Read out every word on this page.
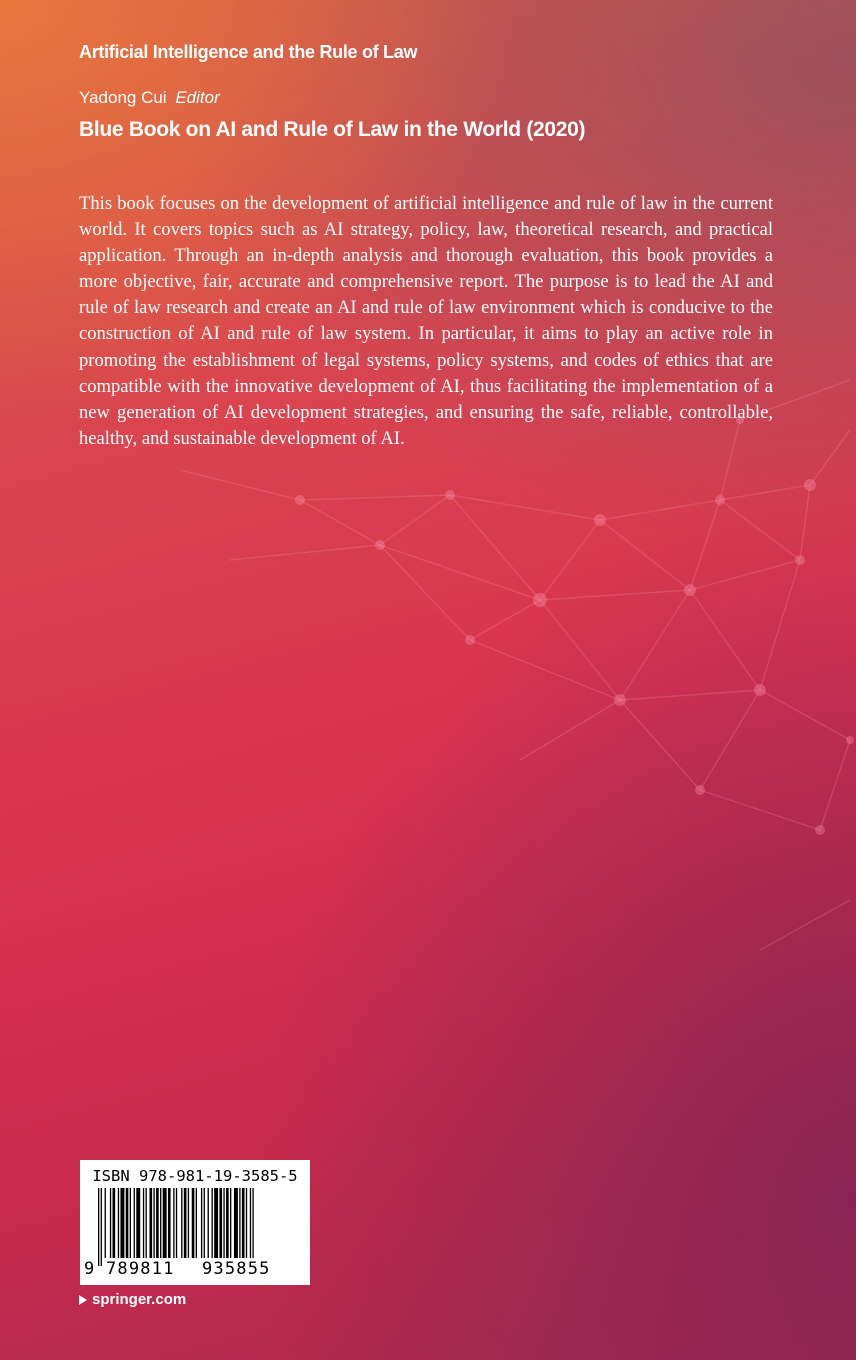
Artificial Intelligence and the Rule of Law

Yadong Cui Editor
Blue Book on AI and Rule of Law in the World (2020)

This book focuses on the development of artificial intelligence and rule of law in the current world. It covers topics such as AI strategy, policy, law, theoretical research, and practical application. Through an in-depth analysis and thorough evaluation, this book provides a more objective, fair, accurate and comprehensive report. The purpose is to lead the AI and rule of law research and create an AI and rule of law environment which is conducive to the construction of AI and rule of law system. In particular, it aims to play an active role in promoting the establishment of legal systems, policy systems, and codes of ethics that are compatible with the innovative development of AI, thus facilitating the implementation of a new generation of AI development strategies, and ensuring the safe, reliable, controllable, healthy, and sustainable development of AI.

ISBN 978-981-19-3585-5
9 789811 935855
springer.com
